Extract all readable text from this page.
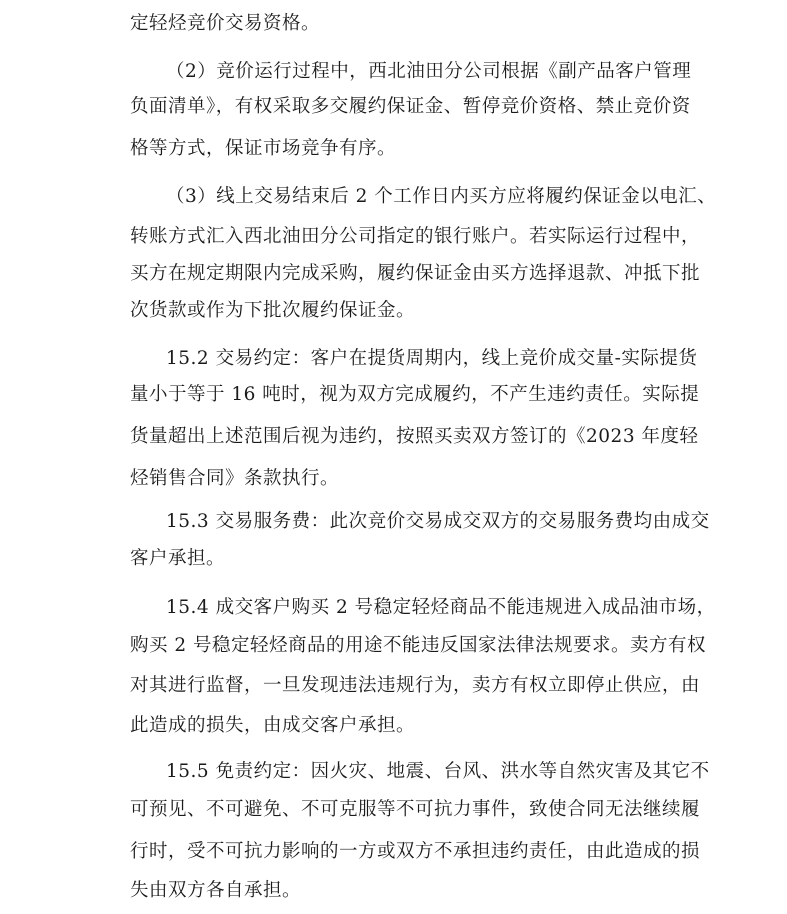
定轻烃竞价交易资格。
（2）竞价运行过程中，西北油田分公司根据《副产品客户管理
负面清单》，有权采取多交履约保证金、暂停竞价资格、禁止竞价资
格等方式，保证市场竞争有序。
（3）线上交易结束后 2 个工作日内买方应将履约保证金以电汇、
转账方式汇入西北油田分公司指定的银行账户。若实际运行过程中，
买方在规定期限内完成采购，履约保证金由买方选择退款、冲抵下批
次货款或作为下批次履约保证金。
15.2 交易约定：客户在提货周期内，线上竞价成交量-实际提货
量小于等于 16 吨时，视为双方完成履约，不产生违约责任。实际提
货量超出上述范围后视为违约，按照买卖双方签订的《2023 年度轻
烃销售合同》条款执行。
15.3 交易服务费：此次竞价交易成交双方的交易服务费均由成交
客户承担。
15.4 成交客户购买 2 号稳定轻烃商品不能违规进入成品油市场，
购买 2 号稳定轻烃商品的用途不能违反国家法律法规要求。卖方有权
对其进行监督，一旦发现违法违规行为，卖方有权立即停止供应，由
此造成的损失，由成交客户承担。
15.5 免责约定：因火灾、地震、台风、洪水等自然灾害及其它不
可预见、不可避免、不可克服等不可抗力事件，致使合同无法继续履
行时，受不可抗力影响的一方或双方不承担违约责任，由此造成的损
失由双方各自承担。
